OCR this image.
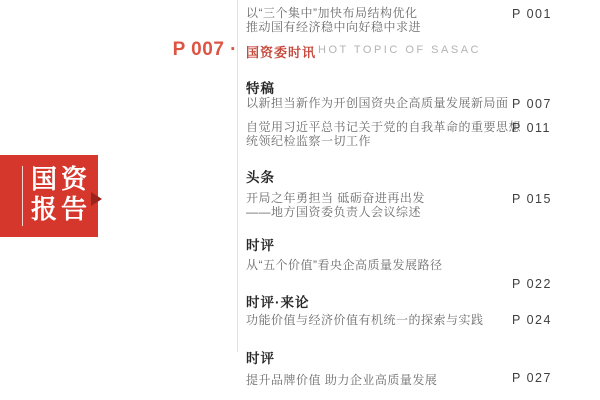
国资
报告
以“三个集中”加快布局结构优化
推动国有经济稳中向好稳中求进
P 001
P 007 · 国资委时讯 HOT TOPIC OF SASAC
特稿
以新担当新作为开创国资央企高质量发展新局面 P 007
自觉用习近平总书记关于党的自我革命的重要思想
统领纪检监察一切工作
P 011
头条
开局之年勇担当 砥砺奋进再出发
——地方国资委负责人会议综述
P 015
时评
从“五个价值”看央企高质量发展路径
P 022
时评·来论
功能价值与经济价值有机统一的探索与实践 P 024
时评
提升品牌价值 助力企业高质量发展	P 027
